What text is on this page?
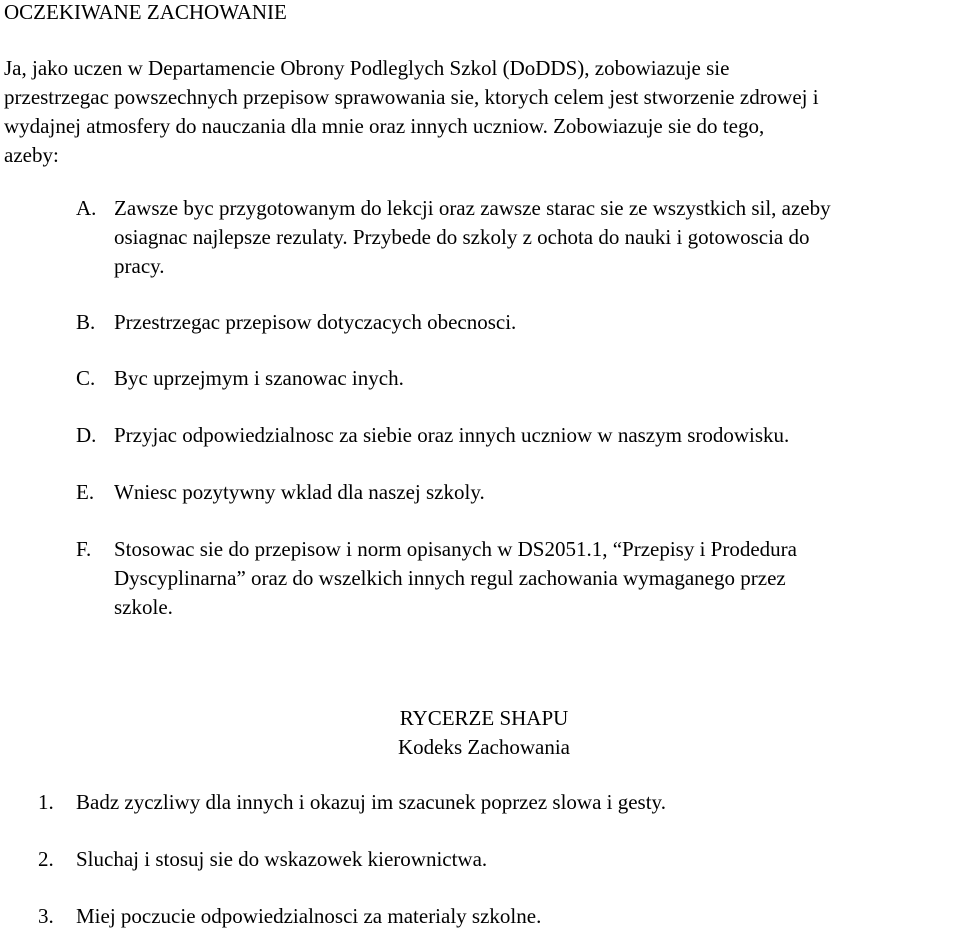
OCZEKIWANE ZACHOWANIE
Ja, jako uczen w Departamencie Obrony Podleglych Szkol (DoDDS), zobowiazuje sie
przestrzegac powszechnych przepisow sprawowania sie, ktorych celem jest stworzenie zdrowej i
wydajnej atmosfery do nauczania dla mnie oraz innych uczniow. Zobowiazuje sie do tego,
azeby:
A. Zawsze byc przygotowanym do lekcji oraz zawsze starac sie ze wszystkich sil, azeby
osiagnac najlepsze rezulaty. Przybede do szkoly z ochota do nauki i gotowoscia do
pracy.
B. Przestrzegac przepisow dotyczacych obecnosci.
C. Byc uprzejmym i szanowac inych.
D. Przyjac odpowiedzialnosc za siebie oraz innych uczniow w naszym srodowisku.
E. Wniesc pozytywny wklad dla naszej szkoly.
F. Stosowac sie do przepisow i norm opisanych w DS2051.1, “Przepisy i Prodedura
Dyscyplinarna” oraz do wszelkich innych regul zachowania wymaganego przez
szkole.
RYCERZE SHAPU
Kodeks Zachowania
1. Badz zyczliwy dla innych i okazuj im szacunek poprzez slowa i gesty.
2. Sluchaj i stosuj sie do wskazowek kierownictwa.
3. Miej poczucie odpowiedzialnosci za materialy szkolne.
